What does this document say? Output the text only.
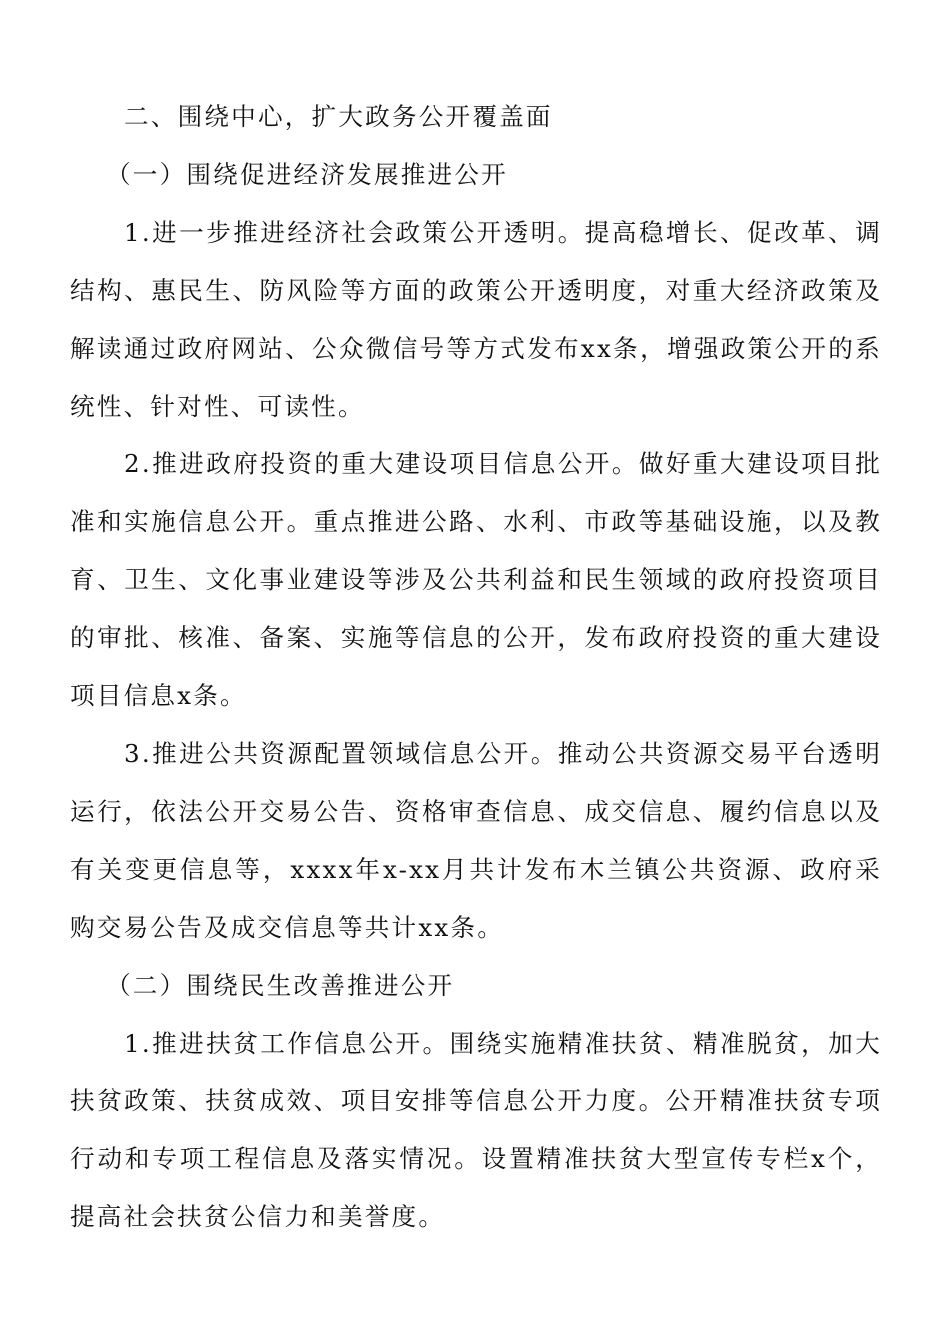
二、围绕中心，扩大政务公开覆盖面

（一）围绕促进经济发展推进公开

1.进一步推进经济社会政策公开透明。提高稳增长、促改革、调结构、惠民生、防风险等方面的政策公开透明度，对重大经济政策及解读通过政府网站、公众微信号等方式发布xx条，增强政策公开的系统性、针对性、可读性。

2.推进政府投资的重大建设项目信息公开。做好重大建设项目批准和实施信息公开。重点推进公路、水利、市政等基础设施，以及教育、卫生、文化事业建设等涉及公共利益和民生领域的政府投资项目的审批、核准、备案、实施等信息的公开，发布政府投资的重大建设项目信息x条。

3.推进公共资源配置领域信息公开。推动公共资源交易平台透明运行，依法公开交易公告、资格审查信息、成交信息、履约信息以及有关变更信息等，xxxx年x-xx月共计发布木兰镇公共资源、政府采购交易公告及成交信息等共计xx条。

（二）围绕民生改善推进公开

1.推进扶贫工作信息公开。围绕实施精准扶贫、精准脱贫，加大扶贫政策、扶贫成效、项目安排等信息公开力度。公开精准扶贫专项行动和专项工程信息及落实情况。设置精准扶贫大型宣传专栏x个，提高社会扶贫公信力和美誉度。
